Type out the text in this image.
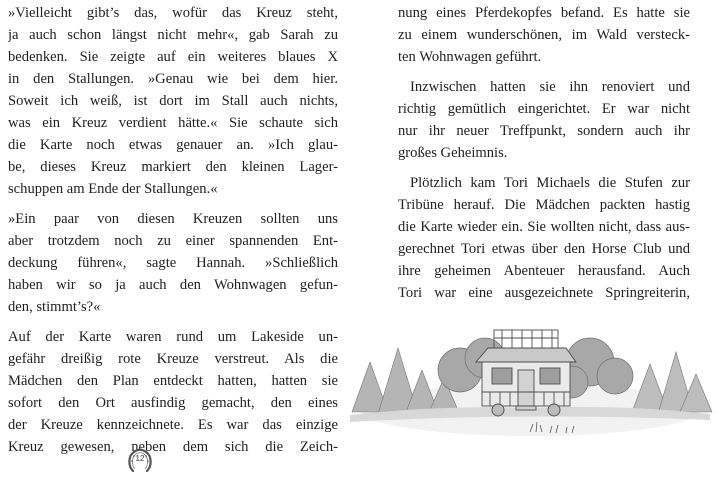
»Vielleicht gibt’s das, wofür das Kreuz steht,
ja auch schon längst nicht mehr«, gab Sarah zu
bedenken. Sie zeigte auf ein weiteres blaues X
in den Stallungen. »Genau wie bei dem hier.
Soweit ich weiß, ist dort im Stall auch nichts,
was ein Kreuz verdient hätte.« Sie schaute sich
die Karte noch etwas genauer an. »Ich glau-
be, dieses Kreuz markiert den kleinen Lager-
schuppen am Ende der Stallungen.«
»Ein paar von diesen Kreuzen sollten uns
aber trotzdem noch zu einer spannenden Ent-
deckung führen«, sagte Hannah. »Schließlich
haben wir so ja auch den Wohnwagen gefun-
den, stimmt’s?«
Auf der Karte waren rund um Lakeside un-
gefähr dreißig rote Kreuze verstreut. Als die
Mädchen den Plan entdeckt hatten, hatten sie
sofort den Ort ausfindig gemacht, den eines
der Kreuze kennzeichnete. Es war das einzige
Kreuz gewesen, neben dem sich die Zeich-
12
nung eines Pferdekopfes befand. Es hatte sie
zu einem wunderschönen, im Wald versteck-
ten Wohnwagen geführt.
Inzwischen hatten sie ihn renoviert und
richtig gemütlich eingerichtet. Er war nicht
nur ihr neuer Treffpunkt, sondern auch ihr
großes Geheimnis.
Plötzlich kam Tori Michaels die Stufen zur
Tribüne herauf. Die Mädchen packten hastig
die Karte wieder ein. Sie wollten nicht, dass aus-
gerechnet Tori etwas über den Horse Club und
ihre geheimen Abenteuer herausfand. Auch
Tori war eine ausgezeichnete Springreiterin,
